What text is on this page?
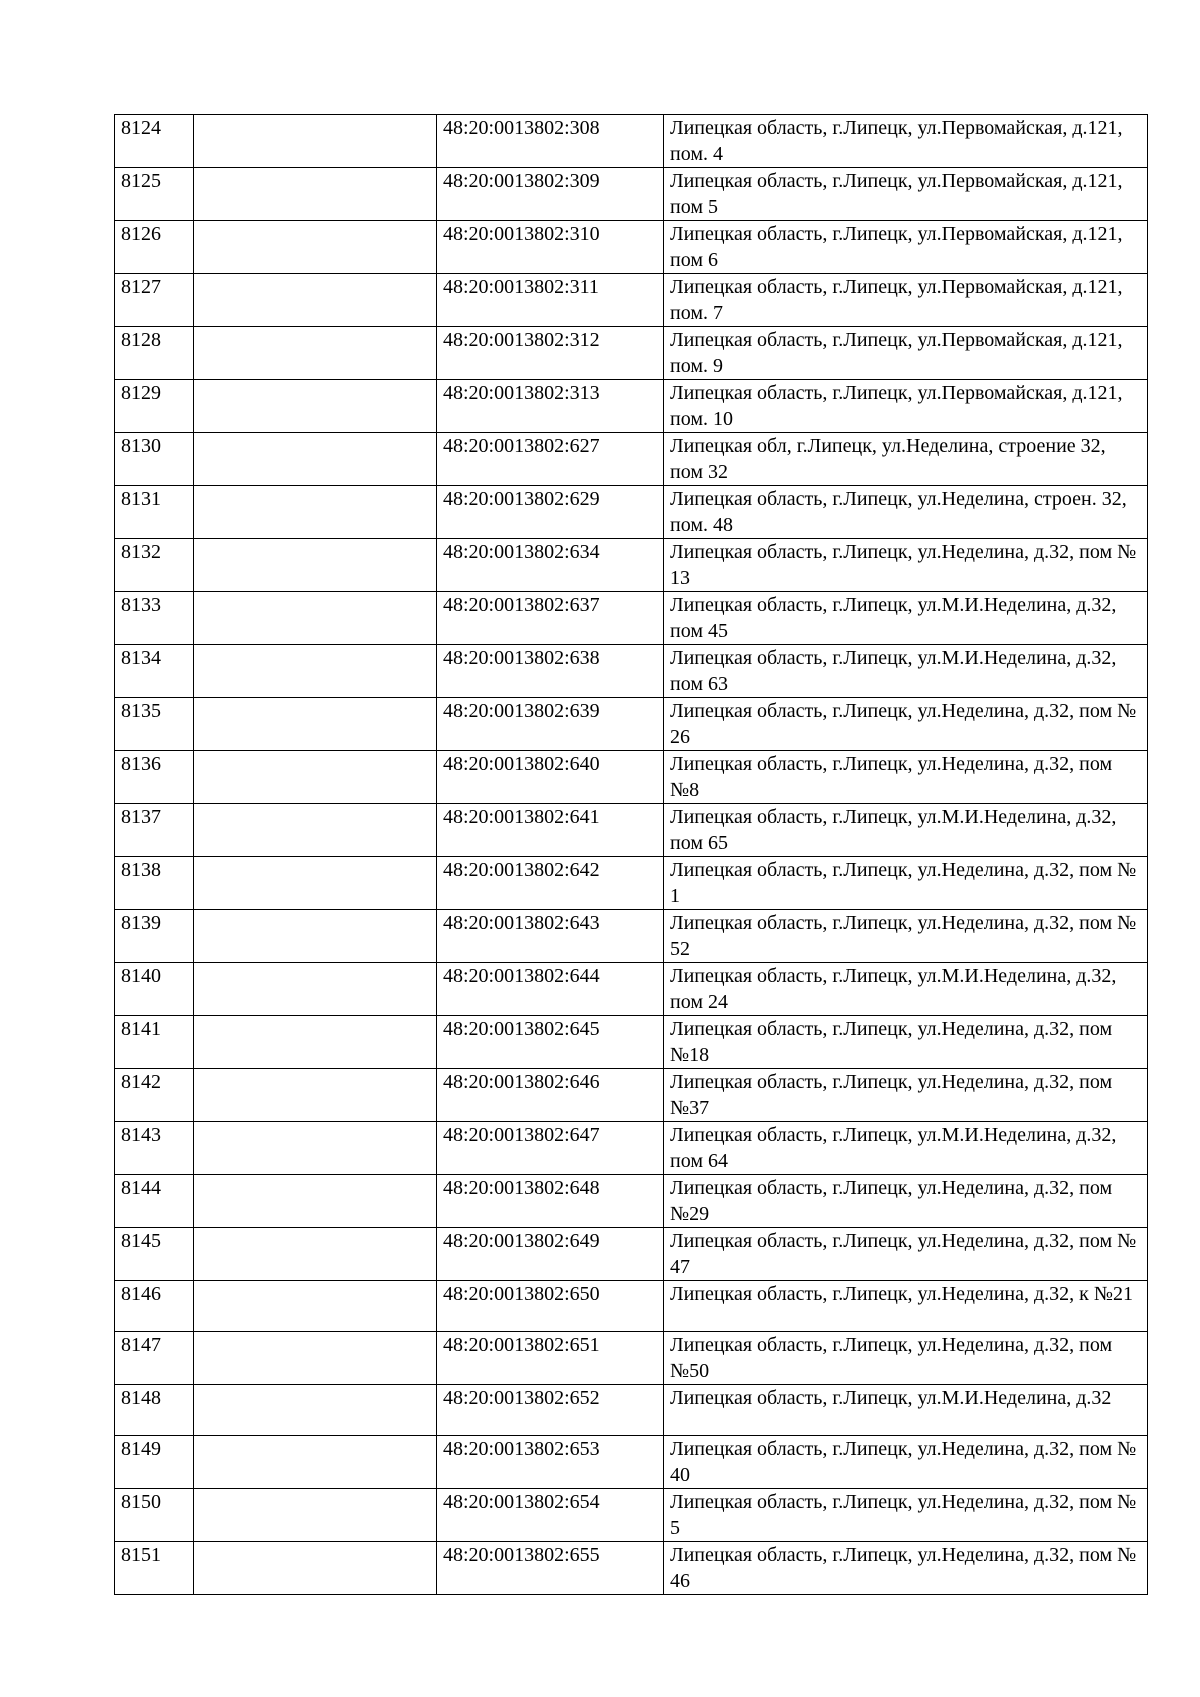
8124		48:20:0013802:308	Липецкая область, г.Липецк, ул.Первомайская, д.121, пом. 4
8125		48:20:0013802:309	Липецкая область, г.Липецк, ул.Первомайская, д.121, пом 5
8126		48:20:0013802:310	Липецкая область, г.Липецк, ул.Первомайская, д.121, пом 6
8127		48:20:0013802:311	Липецкая область, г.Липецк, ул.Первомайская, д.121, пом. 7
8128		48:20:0013802:312	Липецкая область, г.Липецк, ул.Первомайская, д.121, пом. 9
8129		48:20:0013802:313	Липецкая область, г.Липецк, ул.Первомайская, д.121, пом. 10
8130		48:20:0013802:627	Липецкая обл, г.Липецк, ул.Неделина, строение 32, пом 32
8131		48:20:0013802:629	Липецкая область, г.Липецк, ул.Неделина, строен. 32, пом. 48
8132		48:20:0013802:634	Липецкая область, г.Липецк, ул.Неделина, д.32, пом № 13
8133		48:20:0013802:637	Липецкая область, г.Липецк, ул.М.И.Неделина, д.32, пом 45
8134		48:20:0013802:638	Липецкая область, г.Липецк, ул.М.И.Неделина, д.32, пом 63
8135		48:20:0013802:639	Липецкая область, г.Липецк, ул.Неделина, д.32, пом № 26
8136		48:20:0013802:640	Липецкая область, г.Липецк, ул.Неделина, д.32, пом №8
8137		48:20:0013802:641	Липецкая область, г.Липецк, ул.М.И.Неделина, д.32, пом 65
8138		48:20:0013802:642	Липецкая область, г.Липецк, ул.Неделина, д.32, пом № 1
8139		48:20:0013802:643	Липецкая область, г.Липецк, ул.Неделина, д.32, пом № 52
8140		48:20:0013802:644	Липецкая область, г.Липецк, ул.М.И.Неделина, д.32, пом 24
8141		48:20:0013802:645	Липецкая область, г.Липецк, ул.Неделина, д.32, пом №18
8142		48:20:0013802:646	Липецкая область, г.Липецк, ул.Неделина, д.32, пом №37
8143		48:20:0013802:647	Липецкая область, г.Липецк, ул.М.И.Неделина, д.32, пом 64
8144		48:20:0013802:648	Липецкая область, г.Липецк, ул.Неделина, д.32, пом №29
8145		48:20:0013802:649	Липецкая область, г.Липецк, ул.Неделина, д.32, пом № 47
8146		48:20:0013802:650	Липецкая область, г.Липецк, ул.Неделина, д.32, к №21
8147		48:20:0013802:651	Липецкая область, г.Липецк, ул.Неделина, д.32, пом №50
8148		48:20:0013802:652	Липецкая область, г.Липецк, ул.М.И.Неделина, д.32
8149		48:20:0013802:653	Липецкая область, г.Липецк, ул.Неделина, д.32, пом № 40
8150		48:20:0013802:654	Липецкая область, г.Липецк, ул.Неделина, д.32, пом № 5
8151		48:20:0013802:655	Липецкая область, г.Липецк, ул.Неделина, д.32, пом № 46
